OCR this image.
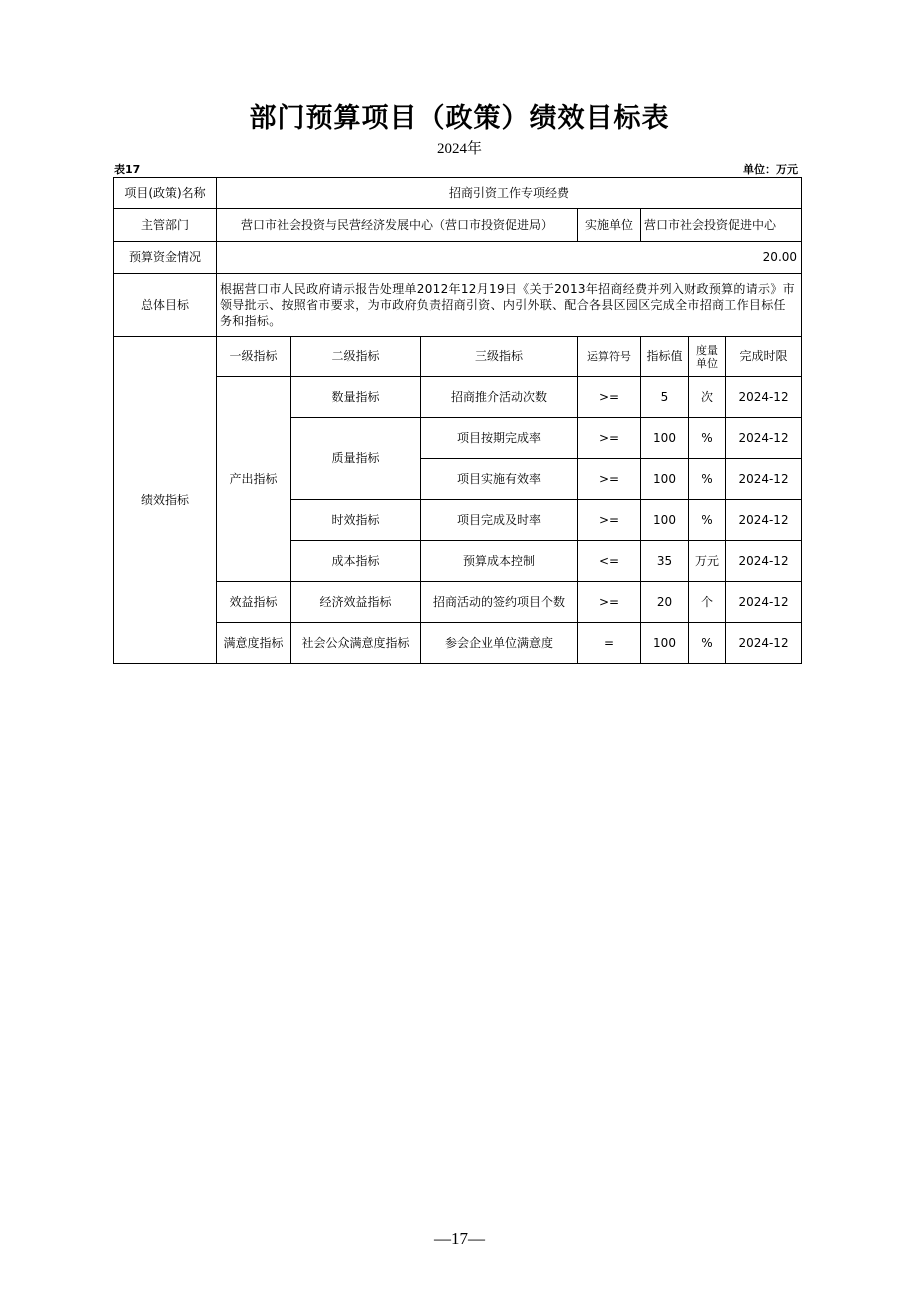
部门预算项目（政策）绩效目标表
2024年
表17	单位：万元
项目(政策)名称	招商引资工作专项经费						
主管部门	营口市社会投资与民营经济发展中心（营口市投资促进局）			实施单位	营口市社会投资促进中心		
预算资金情况	20.00						
总体目标	根据营口市人民政府请示报告处理单2012年12月19日《关于2013年招商经费并列入财政预算的请示》市领导批示、按照省市要求，为市政府负责招商引资、内引外联、配合各县区园区完成全市招商工作目标任务和指标。						
绩效指标	一级指标	二级指标	三级指标	运算符号	指标值	度量单位	完成时限
	产出指标	数量指标	招商推介活动次数	>=	5	次	2024-12
		质量指标	项目按期完成率	>=	100	%	2024-12
			项目实施有效率	>=	100	%	2024-12
		时效指标	项目完成及时率	>=	100	%	2024-12
		成本指标	预算成本控制	<=	35	万元	2024-12
	效益指标	经济效益指标	招商活动的签约项目个数	>=	20	个	2024-12
	满意度指标	社会公众满意度指标	参会企业单位满意度	=	100	%	2024-12
—17—
